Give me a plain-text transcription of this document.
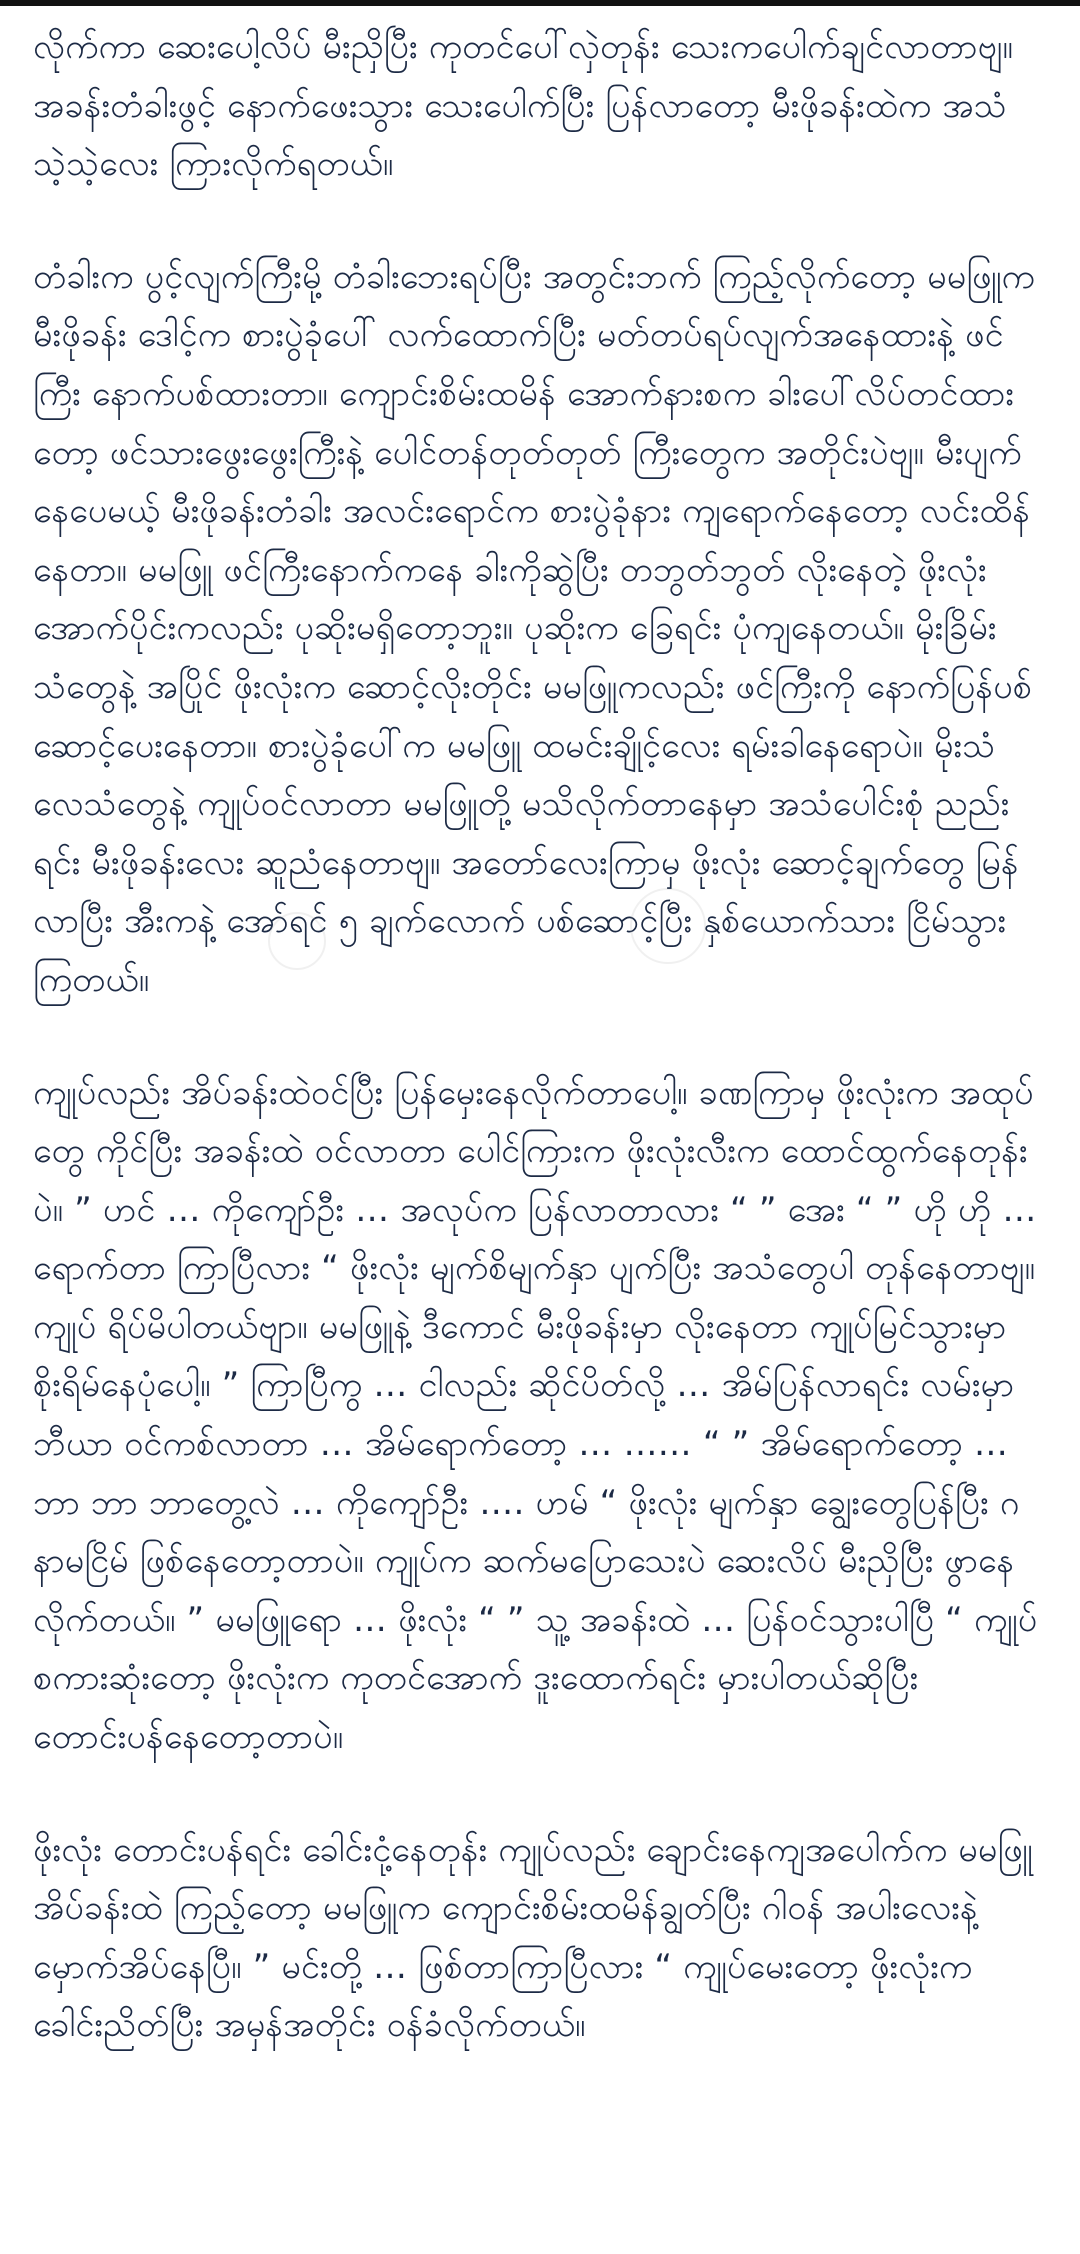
လိုက်ကာ ဆေးပေါ့လိပ် မီးညှိပြီး ကုတင်ပေါ်လှဲတုန်း သေးကပေါက်ချင်လာတာဗျ။ အခန်းတံခါးဖွင့် နောက်ဖေးသွား သေးပေါက်ပြီး ပြန်လာတော့ မီးဖိုခန်းထဲက အသံ သဲ့သဲ့လေး ကြားလိုက်ရတယ်။

တံခါးက ပွင့်လျက်ကြီးမို့ တံခါးဘေးရပ်ပြီး အတွင်းဘက် ကြည့်လိုက်တော့ မမဖြူက မီးဖိုခန်း ဒေါင့်က စားပွဲခုံပေါ် လက်ထောက်ပြီး မတ်တပ်ရပ်လျက်အနေထားနဲ့ ဖင်ကြီး နောက်ပစ်ထားတာ။ ကျောင်းစိမ်းထမိန် အောက်နားစက ခါးပေါ်လိပ်တင်ထားတော့ ဖင်သားဖွေးဖွေးကြီးနဲ့ ပေါင်တန်တုတ်တုတ် ကြီးတွေက အတိုင်းပဲဗျ။ မီးပျက်နေပေမယ့် မီးဖိုခန်းတံခါး အလင်းရောင်က စားပွဲခုံနား ကျရောက်နေတော့ လင်းထိန်နေတာ။ မမဖြူ ဖင်ကြီးနောက်ကနေ ခါးကိုဆွဲပြီး တဘွတ်ဘွတ် လိုးနေတဲ့ ဖိုးလုံးအောက်ပိုင်းကလည်း ပုဆိုးမရှိတော့ဘူး။ ပုဆိုးက ခြေရင်း ပုံကျနေတယ်။ မိုးခြိမ်းသံတွေနဲ့ အပြိုင် ဖိုးလုံးက ဆောင့်လိုးတိုင်း မမဖြူကလည်း ဖင်ကြီးကို နောက်ပြန်ပစ်ဆောင့်ပေးနေတာ။ စားပွဲခုံပေါ်က မမဖြူ ထမင်းချိုင့်လေး ရမ်းခါနေရောပဲ။ မိုးသံလေသံတွေနဲ့ ကျုပ်ဝင်လာတာ မမဖြူတို့ မသိလိုက်တာနေမှာ အသံပေါင်းစုံ ညည်းရင်း မီးဖိုခန်းလေး ဆူညံနေတာဗျ။ အတော်လေးကြာမှ ဖိုးလုံး ဆောင့်ချက်တွေ မြန်လာပြီး အီးကနဲ့ အော်ရင် ၅ ချက်လောက် ပစ်ဆောင့်ပြီး နှစ်ယောက်သား ငြိမ်သွားကြတယ်။

ကျုပ်လည်း အိပ်ခန်းထဲဝင်ပြီး ပြန်မှေးနေလိုက်တာပေါ့။ ခဏကြာမှ ဖိုးလုံးက အထုပ်တွေ ကိုင်ပြီး အခန်းထဲ ဝင်လာတာ ပေါင်ကြားက ဖိုးလုံးလီးက ထောင်ထွက်နေတုန်းပဲ။ ” ဟင် … ကိုကျော်ဦး … အလုပ်က ပြန်လာတာလား “ ” အေး “ ” ဟို ဟို … ရောက်တာ ကြာပြီလား “ ဖိုးလုံး မျက်စိမျက်နှာ ပျက်ပြီး အသံတွေပါ တုန်နေတာဗျ။ ကျုပ် ရိပ်မိပါတယ်ဗျာ။ မမဖြူနဲ့ ဒီကောင် မီးဖိုခန်းမှာ လိုးနေတာ ကျုပ်မြင်သွားမှာ စိုးရိမ်နေပုံပေါ့။ ” ကြာပြီကွ … ငါလည်း ဆိုင်ပိတ်လို့ … အိမ်ပြန်လာရင်း လမ်းမှာ ဘီယာ ဝင်ကစ်လာတာ … အိမ်ရောက်တော့ … …… “ ” အိမ်ရောက်တော့ … ဘာ ဘာ ဘာတွေ့လဲ … ကိုကျော်ဦး …. ဟမ် “ ဖိုးလုံး မျက်နှာ ချွေးတွေပြန်ပြီး ဂနာမငြိမ် ဖြစ်နေတော့တာပဲ။ ကျုပ်က ဆက်မပြောသေးပဲ ဆေးလိပ် မီးညှိပြီး ဖွာနေလိုက်တယ်။ ” မမဖြူရော … ဖိုးလုံး “ ” သူ့ အခန်းထဲ … ပြန်ဝင်သွားပါပြီ “ ကျုပ် စကားဆုံးတော့ ဖိုးလုံးက ကုတင်အောက် ဒူးထောက်ရင်း မှားပါတယ်ဆိုပြီး တောင်းပန်နေတော့တာပဲ။

ဖိုးလုံး တောင်းပန်ရင်း ခေါင်းငုံ့နေတုန်း ကျုပ်လည်း ချောင်းနေကျအပေါက်က မမဖြူအိပ်ခန်းထဲ ကြည့်တော့ မမဖြူက ကျောင်းစိမ်းထမိန်ချွတ်ပြီး ဂါဝန် အပါးလေးနဲ့ မှောက်အိပ်နေပြီ။ ” မင်းတို့ … ဖြစ်တာကြာပြီလား “ ကျုပ်မေးတော့ ဖိုးလုံးက ခေါင်းညိတ်ပြီး အမှန်အတိုင်း ဝန်ခံလိုက်တယ်။
